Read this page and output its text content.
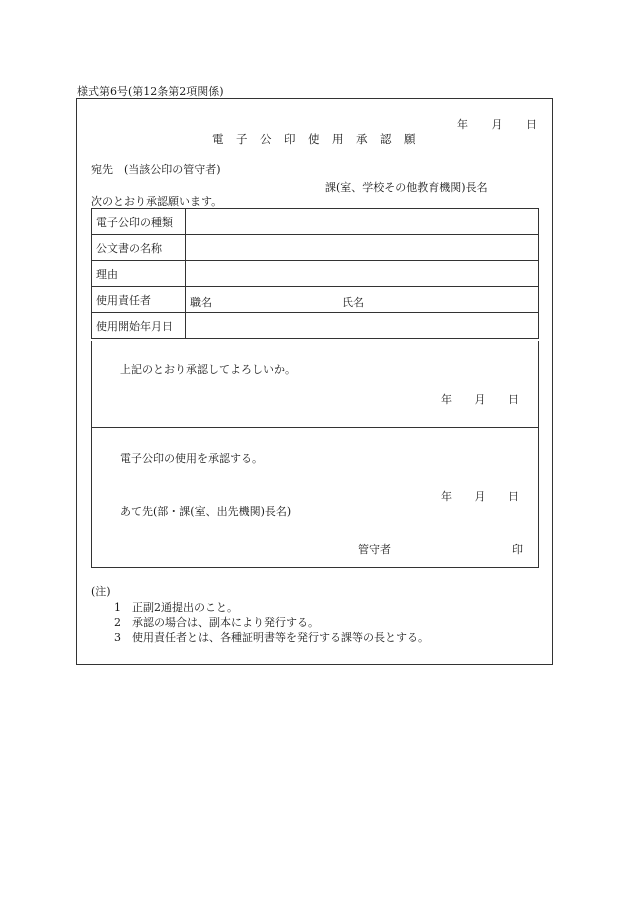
様式第6号(第12条第2項関係)
年 月 日
電子公印使用承認願
宛先　(当該公印の管守者)
課(室、学校その他教育機関)長名
次のとおり承認願います。
電子公印の種類	

公文書の名称	

理由	

使用責任者	職名 氏名

使用開始年月日	
上記のとおり承認してよろしいか。
年 月 日
電子公印の使用を承認する。
年 月 日
あて先(部・課(室、出先機関)長名)
管守者	印
(注)
1　 正副2通提出のこと。
2　 承認の場合は、副本により発行する。
3　 使用責任者とは、各種証明書等を発行する課等の長とする。
